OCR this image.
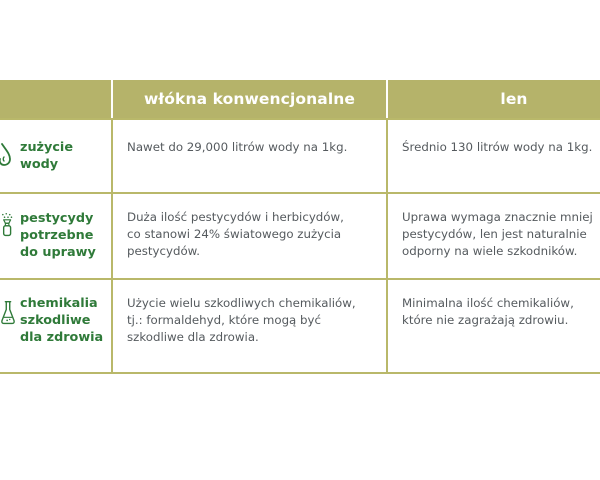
włókna konwencjonalne	len
zużycie
wody
Nawet do 29,000 litrów wody na 1kg.	Średnio 130 litrów wody na 1kg.
pestycydy
potrzebne
do uprawy
Duża ilość pestycydów i herbicydów,
co stanowi 24% światowego zużycia
pestycydów.
Uprawa wymaga znacznie mniej
pestycydów, len jest naturalnie
odporny na wiele szkodników.
chemikalia
szkodliwe
dla zdrowia
Użycie wielu szkodliwych chemikaliów,
tj.: formaldehyd, które mogą być
szkodliwe dla zdrowia.
Minimalna ilość chemikaliów,
które nie zagrażają zdrowiu.
